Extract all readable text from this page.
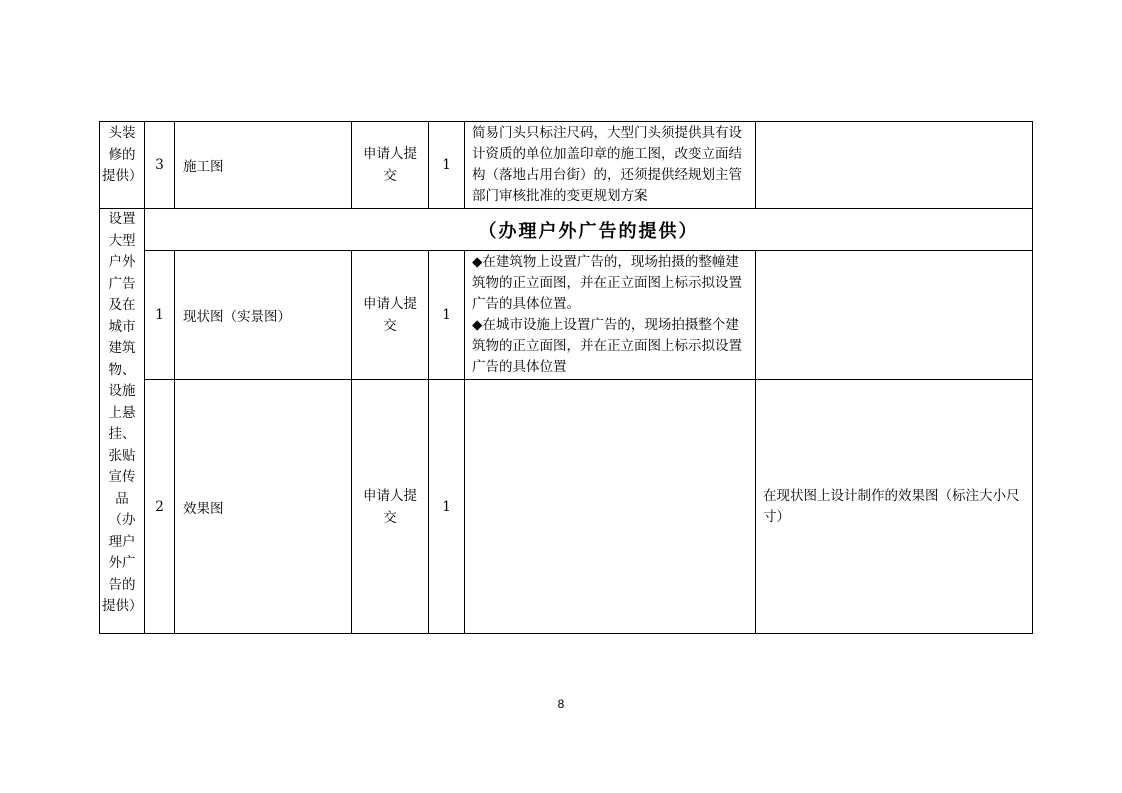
头装修的提供）	3	施工图	申请人提交	1	简易门头只标注尺码，大型门头须提供具有设计资质的单位加盖印章的施工图，改变立面结构（落地占用台街）的，还须提供经规划主管部门审核批准的变更规划方案	

设置大型户外广告及在城市建筑物、设施上悬挂、张贴宣传品（办理户外广告的提供）	（办理户外广告的提供）					
	1	现状图（实景图）	申请人提交	1	◆在建筑物上设置广告的，现场拍摄的整幢建筑物的正立面图，并在正立面图上标示拟设置广告的具体位置。
◆在城市设施上设置广告的，现场拍摄整个建筑物的正立面图，并在正立面图上标示拟设置广告的具体位置	

	2	效果图	申请人提交	1		在现状图上设计制作的效果图（标注大小尺寸）
8
